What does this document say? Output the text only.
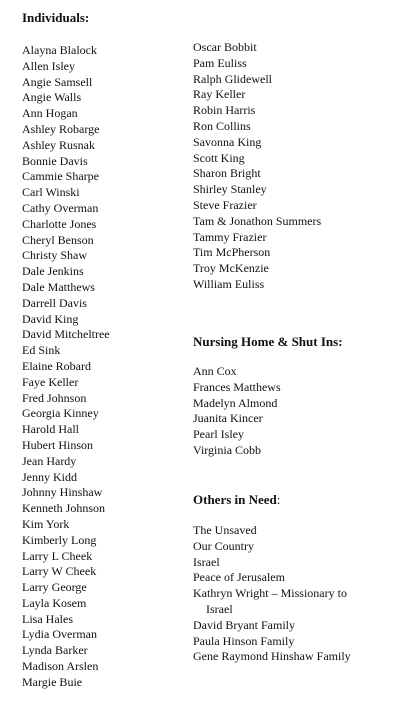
Individuals:
Alayna Blalock
Allen Isley
Angie Samsell
Angie Walls
Ann Hogan
Ashley Robarge
Ashley Rusnak
Bonnie Davis
Cammie Sharpe
Carl Winski
Cathy Overman
Charlotte Jones
Cheryl Benson
Christy Shaw
Dale Jenkins
Dale Matthews
Darrell Davis
David King
David Mitcheltree
Ed Sink
Elaine Robard
Faye Keller
Fred Johnson
Georgia Kinney
Harold Hall
Hubert Hinson
Jean Hardy
Jenny Kidd
Johnny Hinshaw
Kenneth Johnson
Kim York
Kimberly Long
Larry L Cheek
Larry W Cheek
Larry George
Layla Kosem
Lisa Hales
Lydia Overman
Lynda Barker
Madison Arslen
Margie Buie
Oscar Bobbit
Pam Euliss
Ralph Glidewell
Ray Keller
Robin Harris
Ron Collins
Savonna King
Scott King
Sharon Bright
Shirley Stanley
Steve Frazier
Tam & Jonathon Summers
Tammy Frazier
Tim McPherson
Troy McKenzie
William Euliss
Nursing Home & Shut Ins:
Ann Cox
Frances Matthews
Madelyn Almond
Juanita Kincer
Pearl Isley
Virginia Cobb
Others in Need:
The Unsaved
Our Country
Israel
Peace of Jerusalem
Kathryn Wright – Missionary to Israel
David Bryant Family
Paula Hinson Family
Gene Raymond Hinshaw Family
